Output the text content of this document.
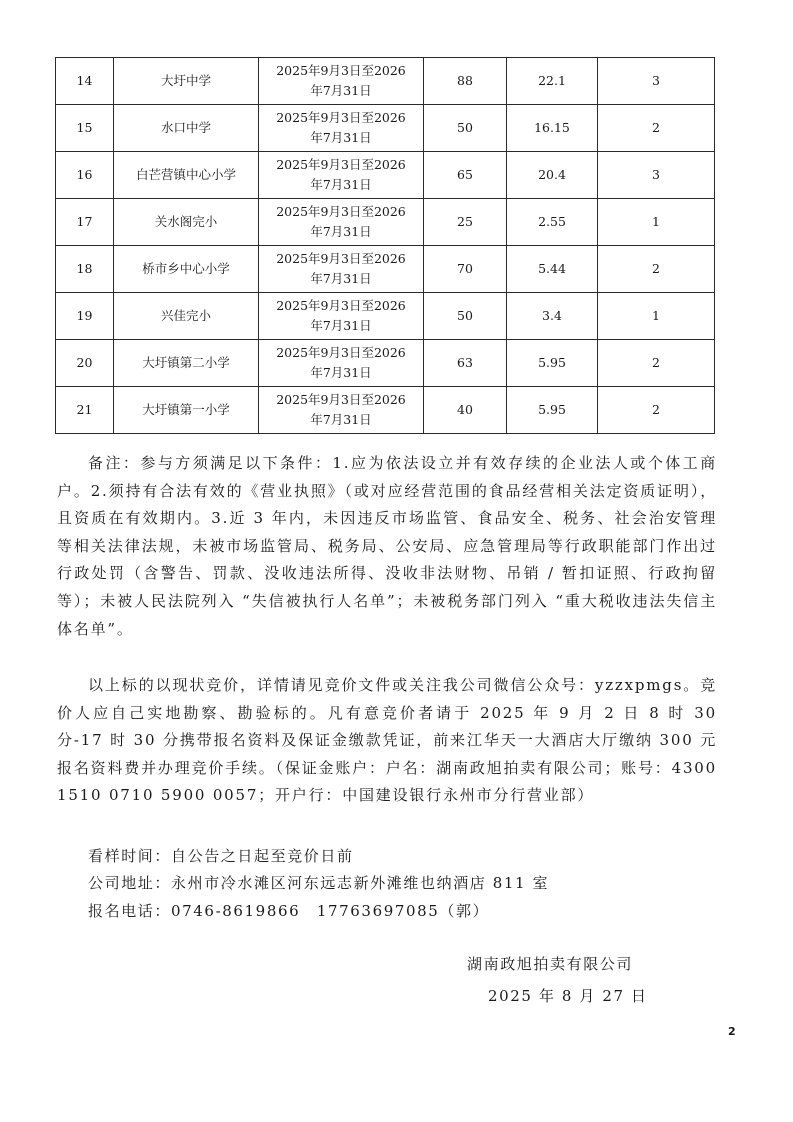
14	大圩中学	2025年9月3日至2026
年7月31日	88	22.1	3
15	水口中学	2025年9月3日至2026
年7月31日	50	16.15	2
16	白芒营镇中心小学	2025年9月3日至2026
年7月31日	65	20.4	3
17	关水阁完小	2025年9月3日至2026
年7月31日	25	2.55	1
18	桥市乡中心小学	2025年9月3日至2026
年7月31日	70	5.44	2
19	兴佳完小	2025年9月3日至2026
年7月31日	50	3.4	1
20	大圩镇第二小学	2025年9月3日至2026
年7月31日	63	5.95	2
21	大圩镇第一小学	2025年9月3日至2026
年7月31日	40	5.95	2

备注：参与方须满足以下条件：1.应为依法设立并有效存续的企业法人或个体工商户。2.须持有合法有效的《营业执照》（或对应经营范围的食品经营相关法定资质证明），且资质在有效期内。3.近 3 年内，未因违反市场监管、食品安全、税务、社会治安管理等相关法律法规，未被市场监管局、税务局、公安局、应急管理局等行政职能部门作出过行政处罚（含警告、罚款、没收违法所得、没收非法财物、吊销 / 暂扣证照、行政拘留等）；未被人民法院列入 “失信被执行人名单”；未被税务部门列入 “重大税收违法失信主体名单”。

以上标的以现状竞价，详情请见竞价文件或关注我公司微信公众号：yzzxpmgs。竞价人应自己实地勘察、勘验标的。凡有意竞价者请于 2025 年 9 月 2 日 8 时 30 分-17 时 30 分携带报名资料及保证金缴款凭证，前来江华天一大酒店大厅缴纳 300 元报名资料费并办理竞价手续。（保证金账户：户名：湖南政旭拍卖有限公司；账号：4300 1510 0710 5900 0057；开户行：中国建设银行永州市分行营业部）

看样时间：自公告之日起至竞价日前
公司地址：永州市冷水滩区河东远志新外滩维也纳酒店 811 室
报名电话：0746-8619866　17763697085（郭）
湖南政旭拍卖有限公司
2025 年 8 月 27 日
2
